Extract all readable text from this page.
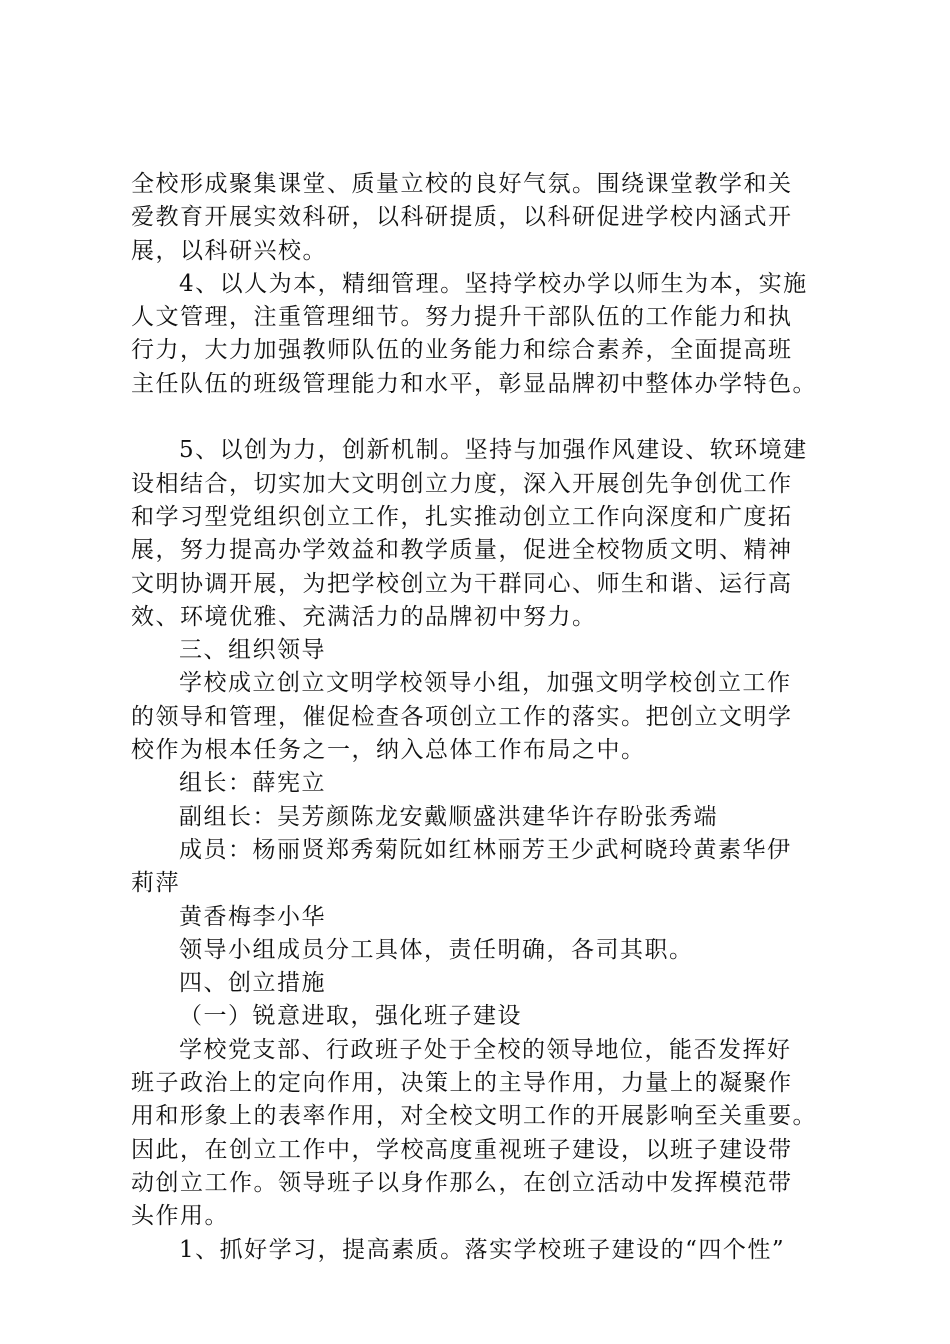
全校形成聚集课堂、质量立校的良好气氛。围绕课堂教学和关
爱教育开展实效科研，以科研提质，以科研促进学校内涵式开
展，以科研兴校。
4、以人为本，精细管理。坚持学校办学以师生为本，实施
人文管理，注重管理细节。努力提升干部队伍的工作能力和执
行力，大力加强教师队伍的业务能力和综合素养，全面提高班
主任队伍的班级管理能力和水平，彰显品牌初中整体办学特色。
5、以创为力，创新机制。坚持与加强作风建设、软环境建
设相结合，切实加大文明创立力度，深入开展创先争创优工作
和学习型党组织创立工作，扎实推动创立工作向深度和广度拓
展，努力提高办学效益和教学质量，促进全校物质文明、精神
文明协调开展，为把学校创立为干群同心、师生和谐、运行高
效、环境优雅、充满活力的品牌初中努力。
三、组织领导
学校成立创立文明学校领导小组，加强文明学校创立工作
的领导和管理，催促检查各项创立工作的落实。把创立文明学
校作为根本任务之一，纳入总体工作布局之中。
组长：薛宪立
副组长：吴芳颜陈龙安戴顺盛洪建华许存盼张秀端
成员：杨丽贤郑秀菊阮如红林丽芳王少武柯晓玲黄素华伊
莉萍
黄香梅李小华
领导小组成员分工具体，责任明确，各司其职。
四、创立措施
（一）锐意进取，强化班子建设
学校党支部、行政班子处于全校的领导地位，能否发挥好
班子政治上的定向作用，决策上的主导作用，力量上的凝聚作
用和形象上的表率作用，对全校文明工作的开展影响至关重要。
因此，在创立工作中，学校高度重视班子建设，以班子建设带
动创立工作。领导班子以身作那么，在创立活动中发挥模范带
头作用。
1、抓好学习，提高素质。落实学校班子建设的“四个性”
